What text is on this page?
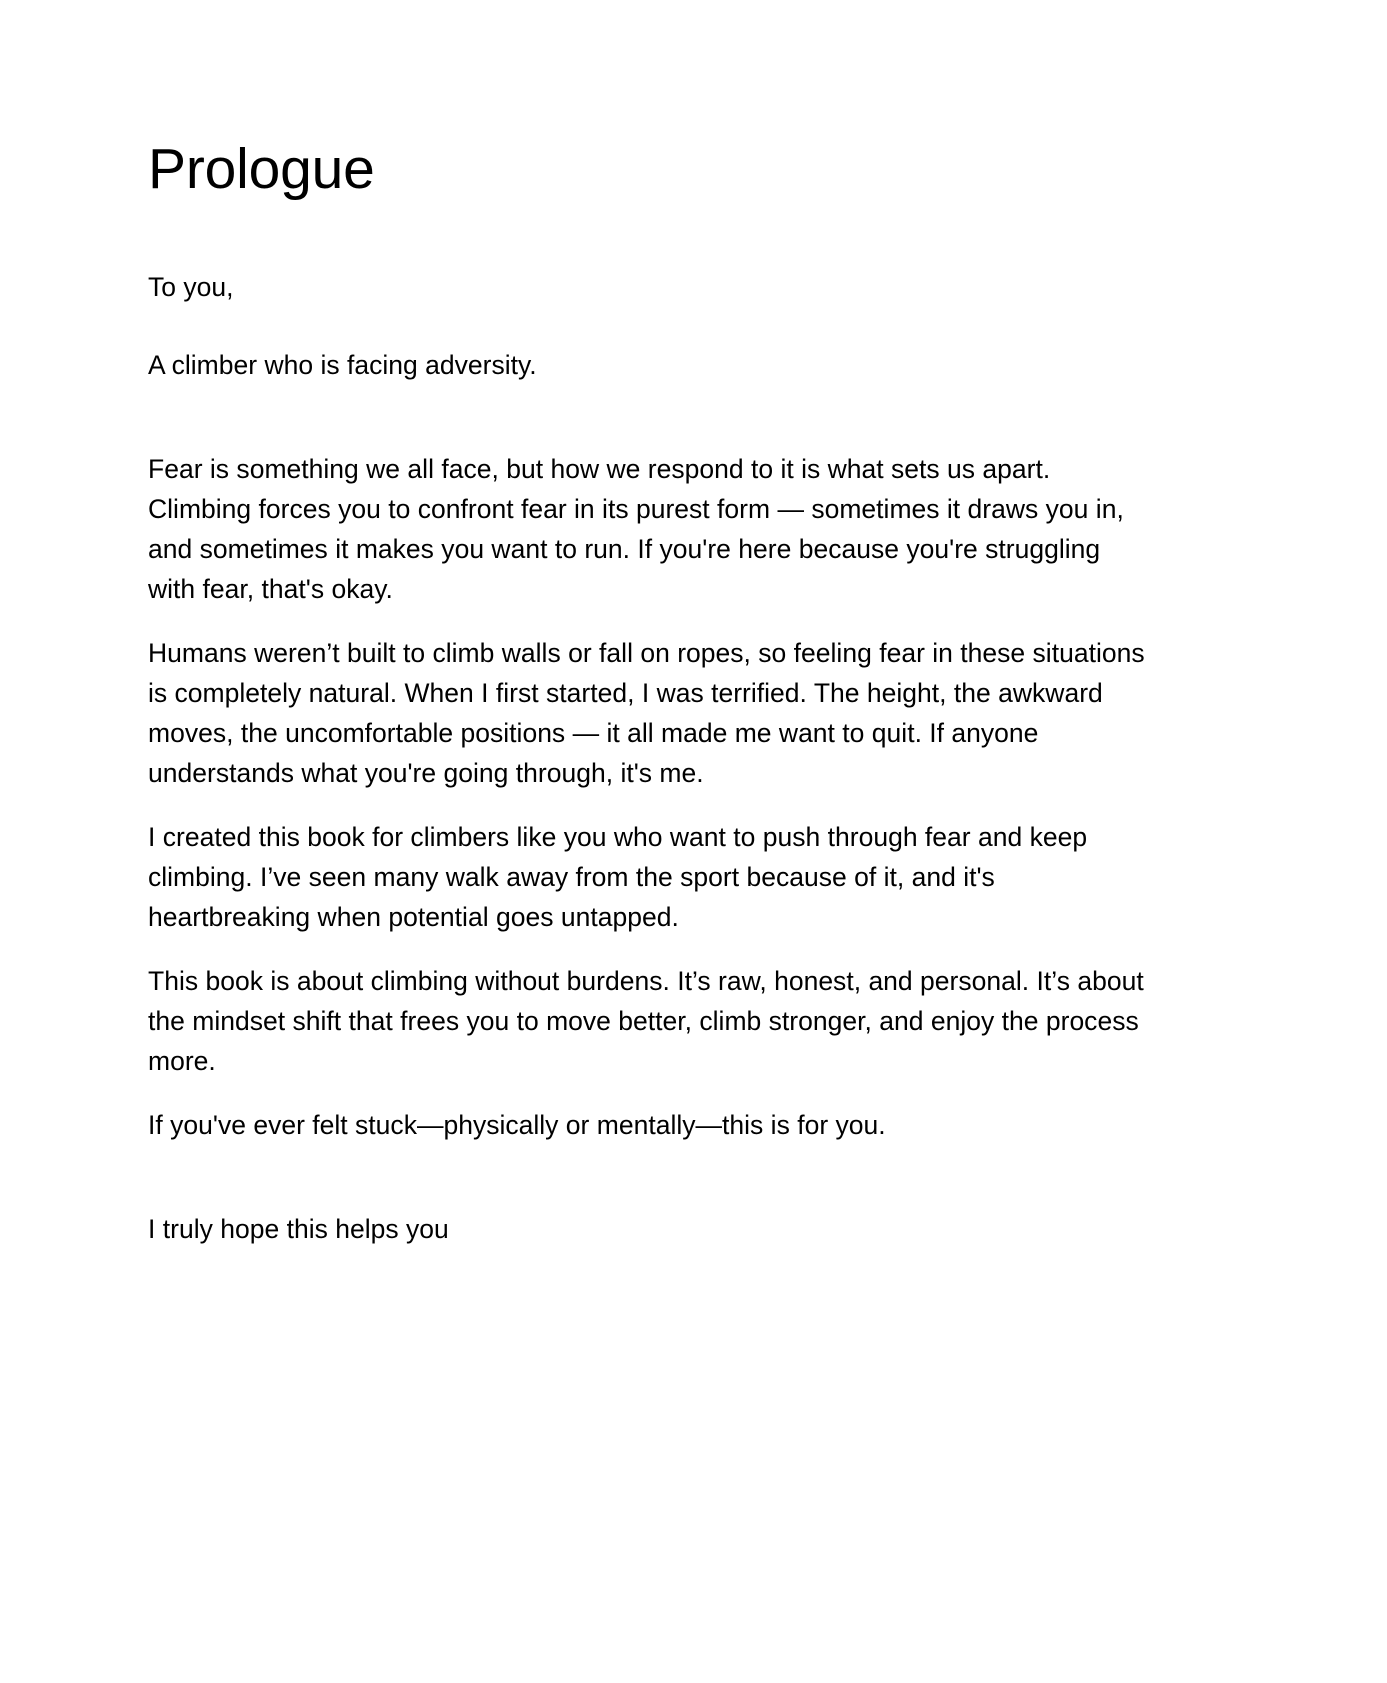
Prologue

To you,

A climber who is facing adversity.

Fear is something we all face, but how we respond to it is what sets us apart. Climbing forces you to confront fear in its purest form — sometimes it draws you in, and sometimes it makes you want to run. If you're here because you're struggling with fear, that's okay.

Humans weren’t built to climb walls or fall on ropes, so feeling fear in these situations is completely natural. When I first started, I was terrified. The height, the awkward moves, the uncomfortable positions — it all made me want to quit. If anyone understands what you're going through, it's me.

I created this book for climbers like you who want to push through fear and keep climbing. I’ve seen many walk away from the sport because of it, and it's heartbreaking when potential goes untapped.

This book is about climbing without burdens. It’s raw, honest, and personal. It’s about the mindset shift that frees you to move better, climb stronger, and enjoy the process more.

If you've ever felt stuck—physically or mentally—this is for you.

I truly hope this helps you
